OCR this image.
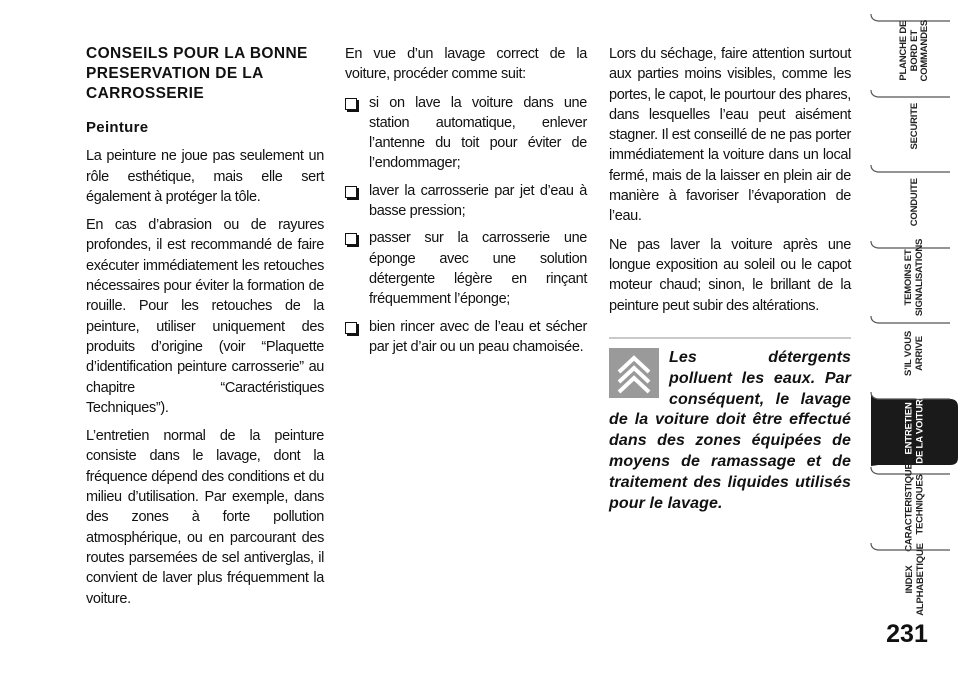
CONSEILS POUR LA BONNE PRESERVATION DE LA CARROSSERIE
Peinture

La peinture ne joue pas seulement un rôle esthétique, mais elle sert également à protéger la tôle.

En cas d’abrasion ou de rayures profondes, il est recommandé de faire exécuter immédiatement les retouches nécessaires pour éviter la formation de rouille. Pour les retouches de la peinture, utiliser uniquement des produits d’origine (voir “Plaquette d’identification peinture carrosserie” au chapitre “Caractéristiques Techniques”).

L’entretien normal de la peinture consiste dans le lavage, dont la fréquence dépend des conditions et du milieu d’utilisation. Par exemple, dans des zones à forte pollution atmosphérique, ou en parcourant des routes parsemées de sel antiverglas, il convient de laver plus fréquemment la voiture.

En vue d’un lavage correct de la voiture, procéder comme suit:

si on lave la voiture dans une station automatique, enlever l’antenne du toit pour éviter de l’endommager;
laver la carrosserie par jet d’eau à basse pression;
passer sur la carrosserie une éponge avec une solution détergente légère en rinçant fréquemment l’éponge;
bien rincer avec de l’eau et sécher par jet d’air ou un peau chamoisée.

Lors du séchage, faire attention surtout aux parties moins visibles, comme les portes, le capot, le pourtour des phares, dans lesquelles l’eau peut aisément stagner. Il est conseillé de ne pas porter immédiatement la voiture dans un local fermé, mais de la laisser en plein air de manière à favoriser l’évaporation de l’eau.

Ne pas laver la voiture après une longue exposition au soleil ou le capot moteur chaud; sinon, le brillant de la peinture peut subir des altérations.

Les détergents polluent les eaux. Par conséquent, le lavage de la voiture doit être effectué dans des zones équipées de moyens de ramassage et de traitement des liquides utilisés pour le lavage.
PLANCHE DE
BORD ET
COMMANDES
SECURITE
CONDUITE
TEMOINS ET
SIGNALISATIONS
S’IL VOUS
ARRIVE
ENTRETIEN
DE LA VOITURE
CARACTERISTIQUES
TECHNIQUES
INDEX
ALPHABETIQUE
231
